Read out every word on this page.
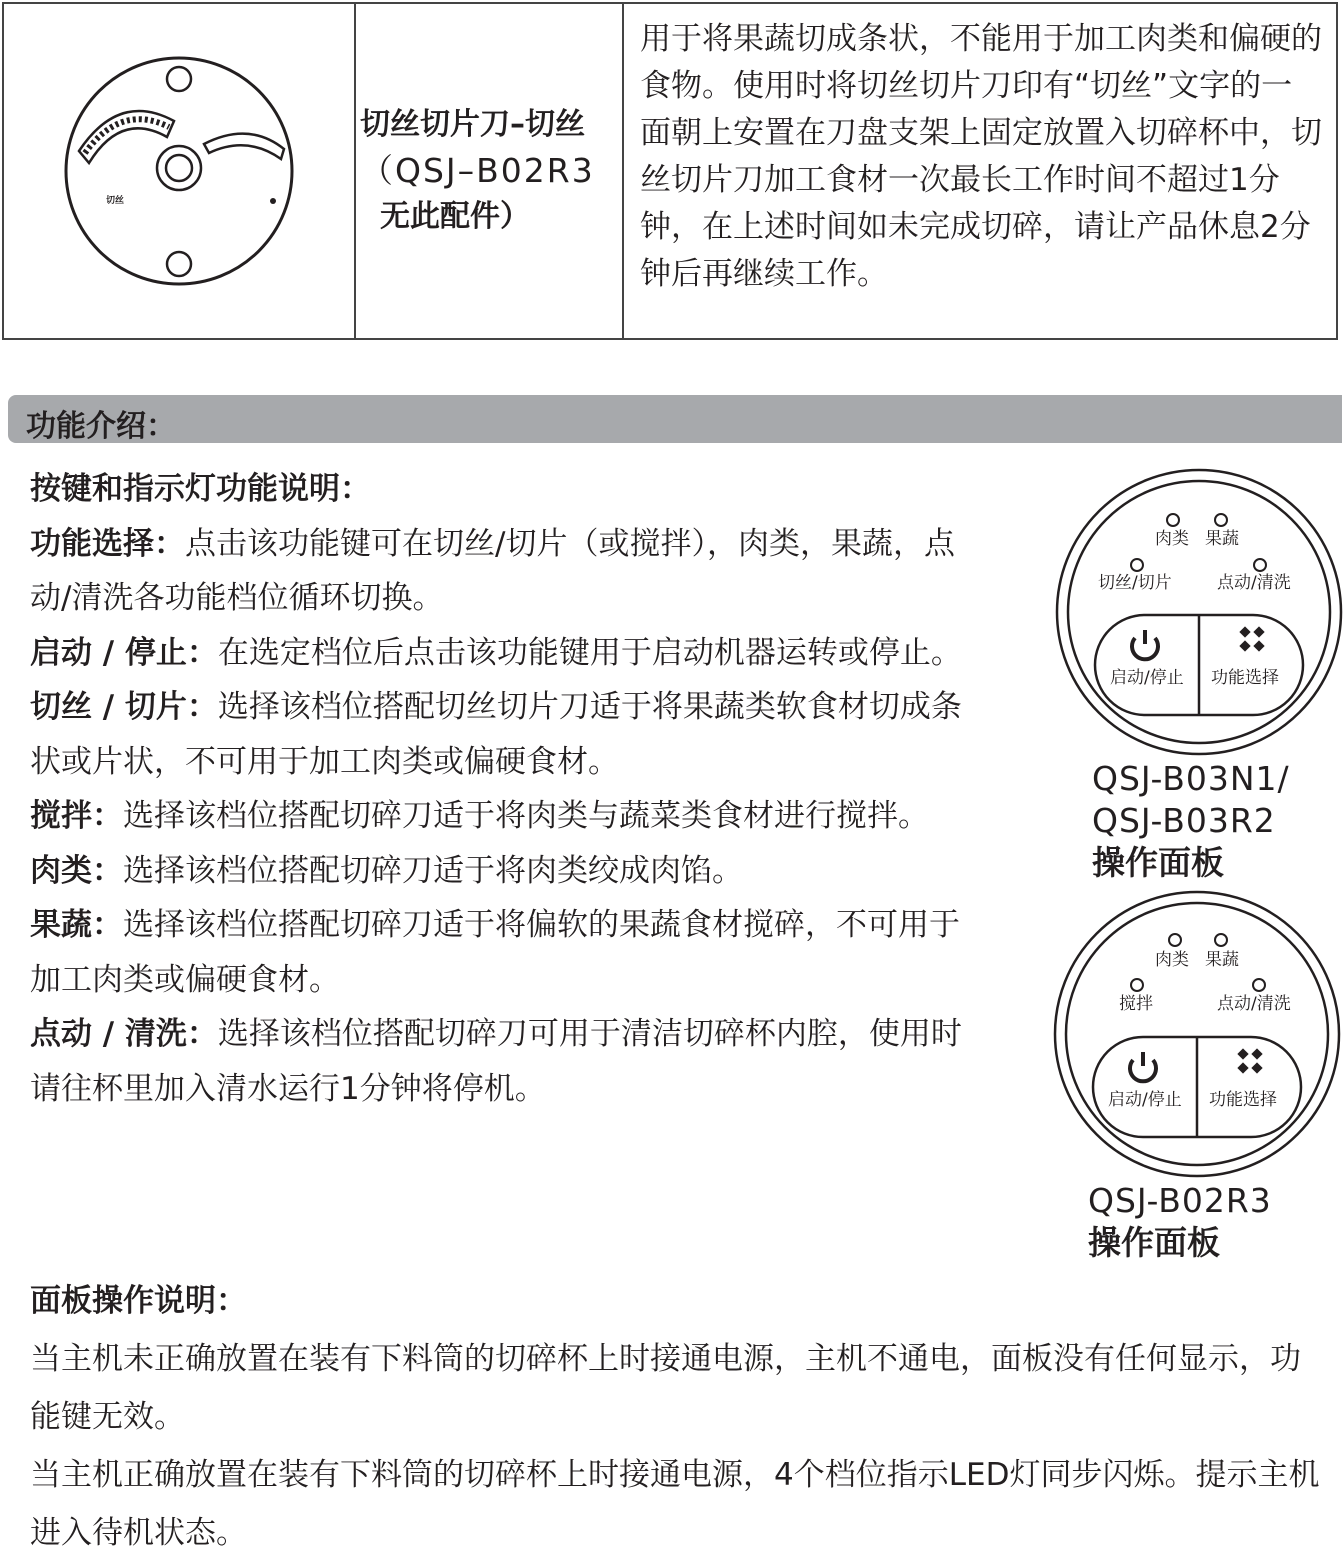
切丝
切丝切片刀–切丝
（QSJ–B02R3
无此配件）
用于将果蔬切成条状，不能用于加工肉类和偏硬的食物。使用时将切丝切片刀印有“切丝”文字的一面朝上安置在刀盘支架上固定放置入切碎杯中，切丝切片刀加工食材一次最长工作时间不超过1分钟，在上述时间如未完成切碎，请让产品休息2分钟后再继续工作。
功能介绍：

按键和指示灯功能说明：

功能选择：点击该功能键可在切丝/切片（或搅拌），肉类，果蔬，点动/清洗各功能档位循环切换。

启动 / 停止：在选定档位后点击该功能键用于启动机器运转或停止。

切丝 / 切片：选择该档位搭配切丝切片刀适于将果蔬类软食材切成条状或片状，不可用于加工肉类或偏硬食材。

搅拌：选择该档位搭配切碎刀适于将肉类与蔬菜类食材进行搅拌。

肉类：选择该档位搭配切碎刀适于将肉类绞成肉馅。

果蔬：选择该档位搭配切碎刀适于将偏软的果蔬食材搅碎，不可用于加工肉类或偏硬食材。

点动 / 清洗：选择该档位搭配切碎刀可用于清洁切碎杯内腔，使用时请往杯里加入清水运行1分钟将停机。

面板操作说明：

当主机未正确放置在装有下料筒的切碎杯上时接通电源，主机不通电，面板没有任何显示，功能键无效。

当主机正确放置在装有下料筒的切碎杯上时接通电源，4个档位指示LED灯同步闪烁。提示主机进入待机状态。

肉类 果蔬
切丝/切片	点动/清洗
启动/停止 功能选择
QSJ-B03N1/
QSJ-B03R2
操作面板
肉类 果蔬
搅拌	点动/清洗
启动/停止 功能选择
QSJ-B02R3
操作面板
